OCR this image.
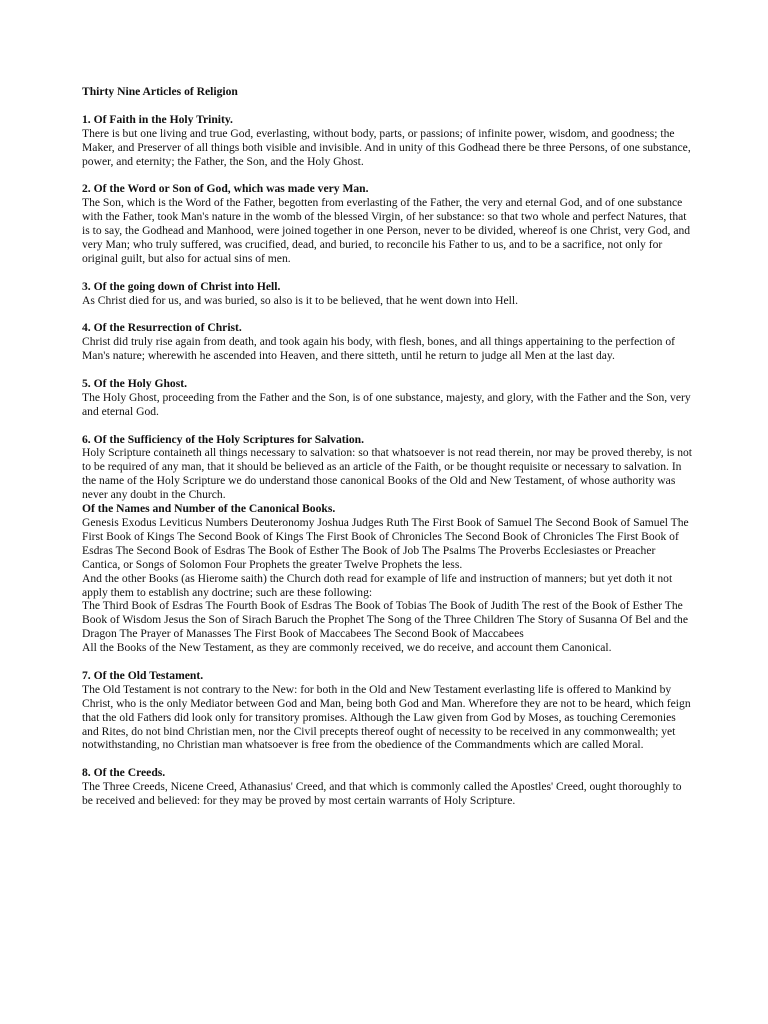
Thirty Nine Articles of Religion

1. Of Faith in the Holy Trinity.

There is but one living and true God, everlasting, without body, parts, or passions; of infinite power, wisdom, and goodness; the Maker, and Preserver of all things both visible and invisible. And in unity of this Godhead there be three Persons, of one substance, power, and eternity; the Father, the Son, and the Holy Ghost.

2. Of the Word or Son of God, which was made very Man.

The Son, which is the Word of the Father, begotten from everlasting of the Father, the very and eternal God, and of one substance with the Father, took Man's nature in the womb of the blessed Virgin, of her substance: so that two whole and perfect Natures, that is to say, the Godhead and Manhood, were joined together in one Person, never to be divided, whereof is one Christ, very God, and very Man; who truly suffered, was crucified, dead, and buried, to reconcile his Father to us, and to be a sacrifice, not only for original guilt, but also for actual sins of men.

3. Of the going down of Christ into Hell.

As Christ died for us, and was buried, so also is it to be believed, that he went down into Hell.

4. Of the Resurrection of Christ.

Christ did truly rise again from death, and took again his body, with flesh, bones, and all things appertaining to the perfection of Man's nature; wherewith he ascended into Heaven, and there sitteth, until he return to judge all Men at the last day.

5. Of the Holy Ghost.

The Holy Ghost, proceeding from the Father and the Son, is of one substance, majesty, and glory, with the Father and the Son, very and eternal God.

6. Of the Sufficiency of the Holy Scriptures for Salvation.

Holy Scripture containeth all things necessary to salvation: so that whatsoever is not read therein, nor may be proved thereby, is not to be required of any man, that it should be believed as an article of the Faith, or be thought requisite or necessary to salvation. In the name of the Holy Scripture we do understand those canonical Books of the Old and New Testament, of whose authority was never any doubt in the Church.

Of the Names and Number of the Canonical Books.

Genesis Exodus Leviticus Numbers Deuteronomy Joshua Judges Ruth The First Book of Samuel The Second Book of Samuel The First Book of Kings The Second Book of Kings The First Book of Chronicles The Second Book of Chronicles The First Book of Esdras The Second Book of Esdras The Book of Esther The Book of Job The Psalms The Proverbs Ecclesiastes or Preacher Cantica, or Songs of Solomon Four Prophets the greater Twelve Prophets the less.

And the other Books (as Hierome saith) the Church doth read for example of life and instruction of manners; but yet doth it not apply them to establish any doctrine; such are these following:

The Third Book of Esdras The Fourth Book of Esdras The Book of Tobias The Book of Judith The rest of the Book of Esther The Book of Wisdom Jesus the Son of Sirach Baruch the Prophet The Song of the Three Children The Story of Susanna Of Bel and the Dragon The Prayer of Manasses The First Book of Maccabees The Second Book of Maccabees

All the Books of the New Testament, as they are commonly received, we do receive, and account them Canonical.

7. Of the Old Testament.

The Old Testament is not contrary to the New: for both in the Old and New Testament everlasting life is offered to Mankind by Christ, who is the only Mediator between God and Man, being both God and Man. Wherefore they are not to be heard, which feign that the old Fathers did look only for transitory promises. Although the Law given from God by Moses, as touching Ceremonies and Rites, do not bind Christian men, nor the Civil precepts thereof ought of necessity to be received in any commonwealth; yet notwithstanding, no Christian man whatsoever is free from the obedience of the Commandments which are called Moral.

8. Of the Creeds.

The Three Creeds, Nicene Creed, Athanasius' Creed, and that which is commonly called the Apostles' Creed, ought thoroughly to be received and believed: for they may be proved by most certain warrants of Holy Scripture.
